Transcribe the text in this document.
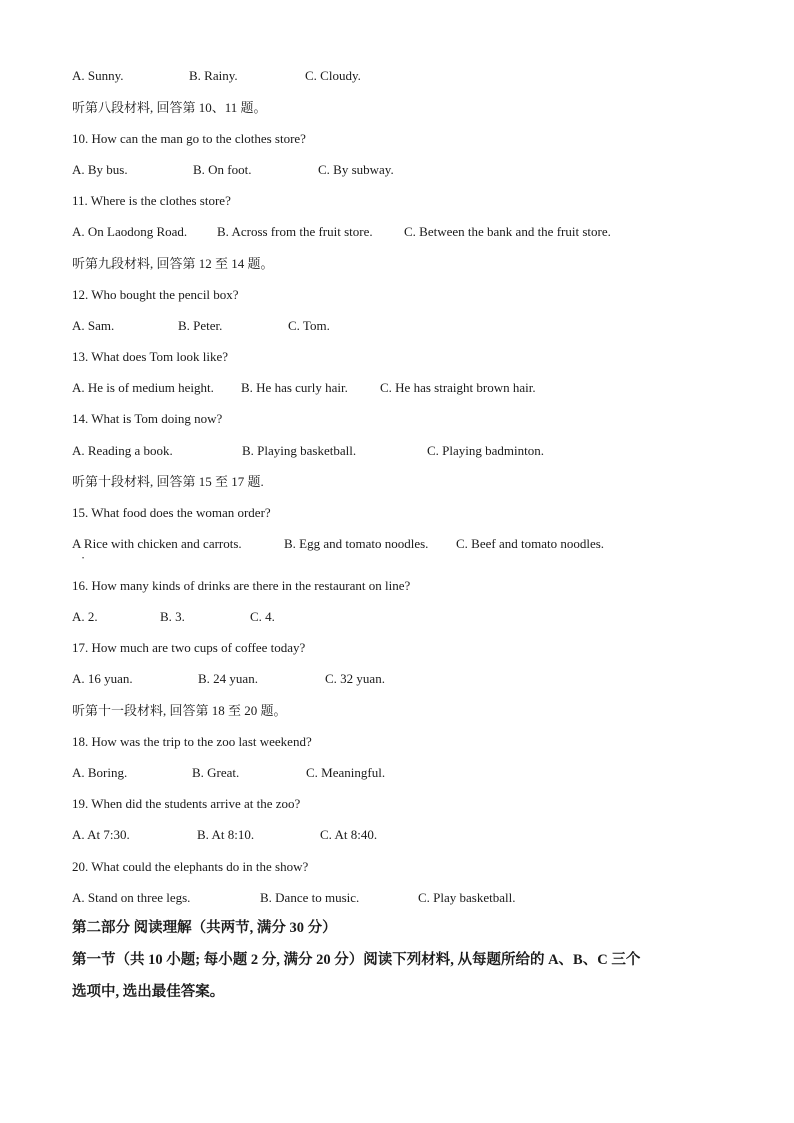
A. Sunny.	B. Rainy.	C. Cloudy.
听第八段材料, 回答第 10、11 题。
10. How can the man go to the clothes store?
A. By bus.	B. On foot.	C. By subway.
11. Where is the clothes store?
A. On Laodong Road. B. Across from the fruit store. C. Between the bank and the fruit store.
听第九段材料, 回答第 12 至 14 题。
12. Who bought the pencil box?
A. Sam.	B. Peter.	C. Tom.
13. What does Tom look like?
A. He is of medium height. B. He has curly hair. C. He has straight brown hair.
14. What is Tom doing now?
A. Reading a book.	B. Playing basketball.	C. Playing badminton.
听第十段材料, 回答第 15 至 17 题.
15. What food does the woman order?
A Rice with chicken and carrots.	B. Egg and tomato noodles. C. Beef and tomato noodles.
•
16. How many kinds of drinks are there in the restaurant on line?
A. 2.	B. 3.	C. 4.
17. How much are two cups of coffee today?
A. 16 yuan.	B. 24 yuan.	C. 32 yuan.
听第十一段材料, 回答第 18 至 20 题。
18. How was the trip to the zoo last weekend?
A. Boring.	B. Great.	C. Meaningful.
19. When did the students arrive at the zoo?
A. At 7:30.	B. At 8:10.	C. At 8:40.
20. What could the elephants do in the show?
A. Stand on three legs.	B. Dance to music.	C. Play basketball.
第二部分 阅读理解（共两节, 满分 30 分）
第一节（共 10 小题; 每小题 2 分, 满分 20 分）阅读下列材料, 从每题所给的 A、B、C 三个
选项中, 选出最佳答案。
